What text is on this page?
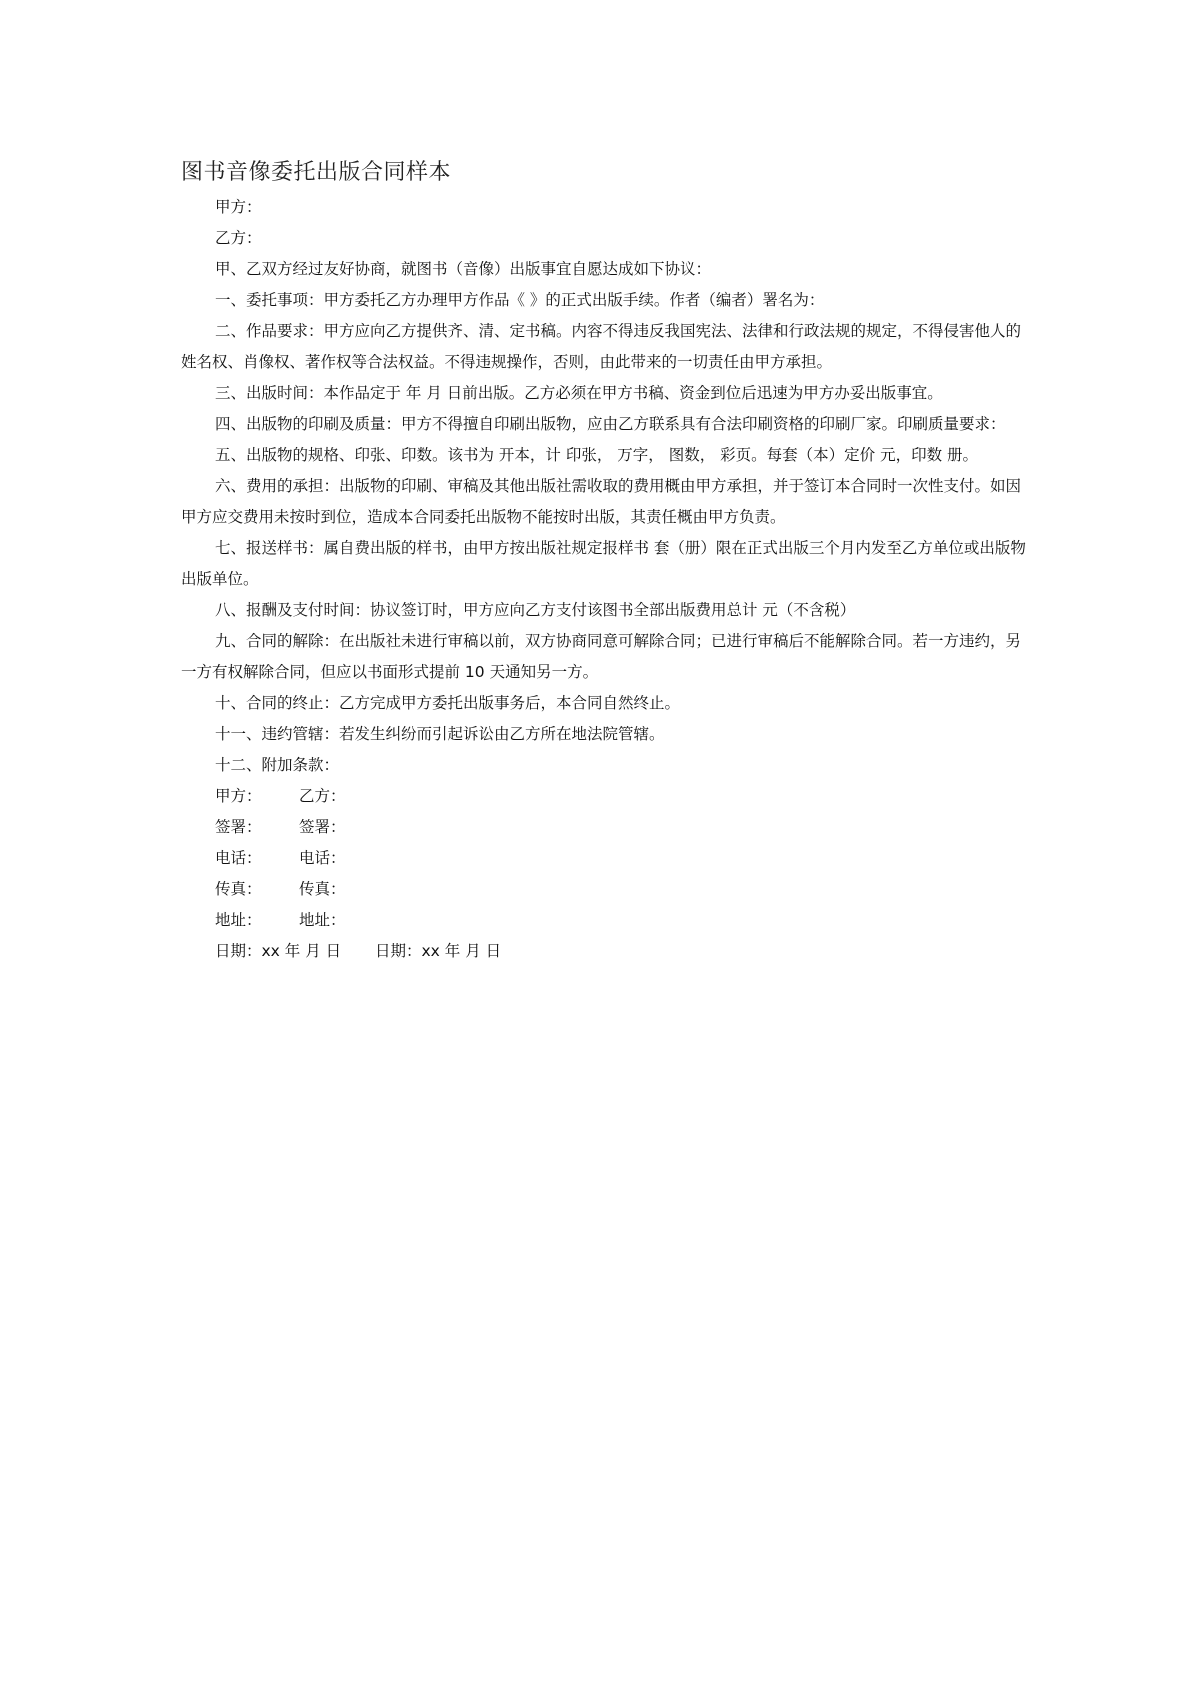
图书音像委托出版合同样本

甲方：

乙方：

甲、乙双方经过友好协商，就图书（音像）出版事宜自愿达成如下协议：

一、委托事项：甲方委托乙方办理甲方作品《 》的正式出版手续。作者（编者）署名为：

二、作品要求：甲方应向乙方提供齐、清、定书稿。内容不得违反我国宪法、法律和行政法规的规定，不得侵害他人的姓名权、肖像权、著作权等合法权益。不得违规操作，否则，由此带来的一切责任由甲方承担。

三、出版时间：本作品定于 年 月 日前出版。乙方必须在甲方书稿、资金到位后迅速为甲方办妥出版事宜。

四、出版物的印刷及质量：甲方不得擅自印刷出版物，应由乙方联系具有合法印刷资格的印刷厂家。印刷质量要求：

五、出版物的规格、印张、印数。该书为 开本，计 印张， 万字， 图数， 彩页。每套（本）定价 元，印数 册。

六、费用的承担：出版物的印刷、审稿及其他出版社需收取的费用概由甲方承担，并于签订本合同时一次性支付。如因甲方应交费用未按时到位，造成本合同委托出版物不能按时出版，其责任概由甲方负责。

七、报送样书：属自费出版的样书，由甲方按出版社规定报样书 套（册）限在正式出版三个月内发至乙方单位或出版物出版单位。

八、报酬及支付时间：协议签订时，甲方应向乙方支付该图书全部出版费用总计 元（不含税）

九、合同的解除：在出版社未进行审稿以前，双方协商同意可解除合同；已进行审稿后不能解除合同。若一方违约，另一方有权解除合同，但应以书面形式提前 10 天通知另一方。

十、合同的终止：乙方完成甲方委托出版事务后，本合同自然终止。

十一、违约管辖：若发生纠纷而引起诉讼由乙方所在地法院管辖。

十二、附加条款：

甲方：	乙方：
签署：	签署：
电话：	电话：
传真：	传真：
地址：	地址：
日期：xx 年 月 日	日期：xx 年 月 日
